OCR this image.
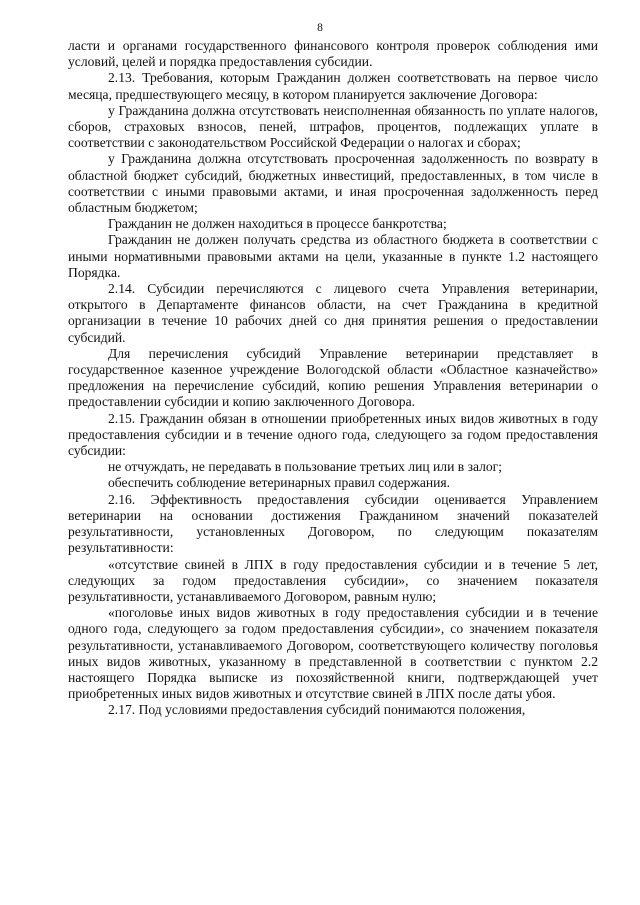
8

ласти и органами государственного финансового контроля проверок соблюдения ими условий, целей и порядка предоставления субсидии.

2.13. Требования, которым Гражданин должен соответствовать на первое число месяца, предшествующего месяцу, в котором планируется заключение Договора:

у Гражданина должна отсутствовать неисполненная обязанность по уплате налогов, сборов, страховых взносов, пеней, штрафов, процентов, подлежащих уплате в соответствии с законодательством Российской Федерации о налогах и сборах;

у Гражданина должна отсутствовать просроченная задолженность по возврату в областной бюджет субсидий, бюджетных инвестиций, предоставленных, в том числе в соответствии с иными правовыми актами, и иная просроченная задолженность перед областным бюджетом;

Гражданин не должен находиться в процессе банкротства;

Гражданин не должен получать средства из областного бюджета в соответствии с иными нормативными правовыми актами на цели, указанные в пункте 1.2 настоящего Порядка.

2.14. Субсидии перечисляются с лицевого счета Управления ветеринарии, открытого в Департаменте финансов области, на счет Гражданина в кредитной организации в течение 10 рабочих дней со дня принятия решения о предоставлении субсидий.

Для перечисления субсидий Управление ветеринарии представляет в государственное казенное учреждение Вологодской области «Областное казначейство» предложения на перечисление субсидий, копию решения Управления ветеринарии о предоставлении субсидии и копию заключенного Договора.

2.15. Гражданин обязан в отношении приобретенных иных видов животных в году предоставления субсидии и в течение одного года, следующего за годом предоставления субсидии:

не отчуждать, не передавать в пользование третьих лиц или в залог;

обеспечить соблюдение ветеринарных правил содержания.

2.16. Эффективность предоставления субсидии оценивается Управлением ветеринарии на основании достижения Гражданином значений показателей результативности, установленных Договором, по следующим показателям результативности:

«отсутствие свиней в ЛПХ в году предоставления субсидии и в течение 5 лет, следующих за годом предоставления субсидии», со значением показателя результативности, устанавливаемого Договором, равным нулю;

«поголовье иных видов животных в году предоставления субсидии и в течение одного года, следующего за годом предоставления субсидии», со значением показателя результативности, устанавливаемого Договором, соответствующего количеству поголовья иных видов животных, указанному в представленной в соответствии с пунктом 2.2 настоящего Порядка выписке из похозяйственной книги, подтверждающей учет приобретенных иных видов животных и отсутствие свиней в ЛПХ после даты убоя.

2.17. Под условиями предоставления субсидий понимаются положения,
